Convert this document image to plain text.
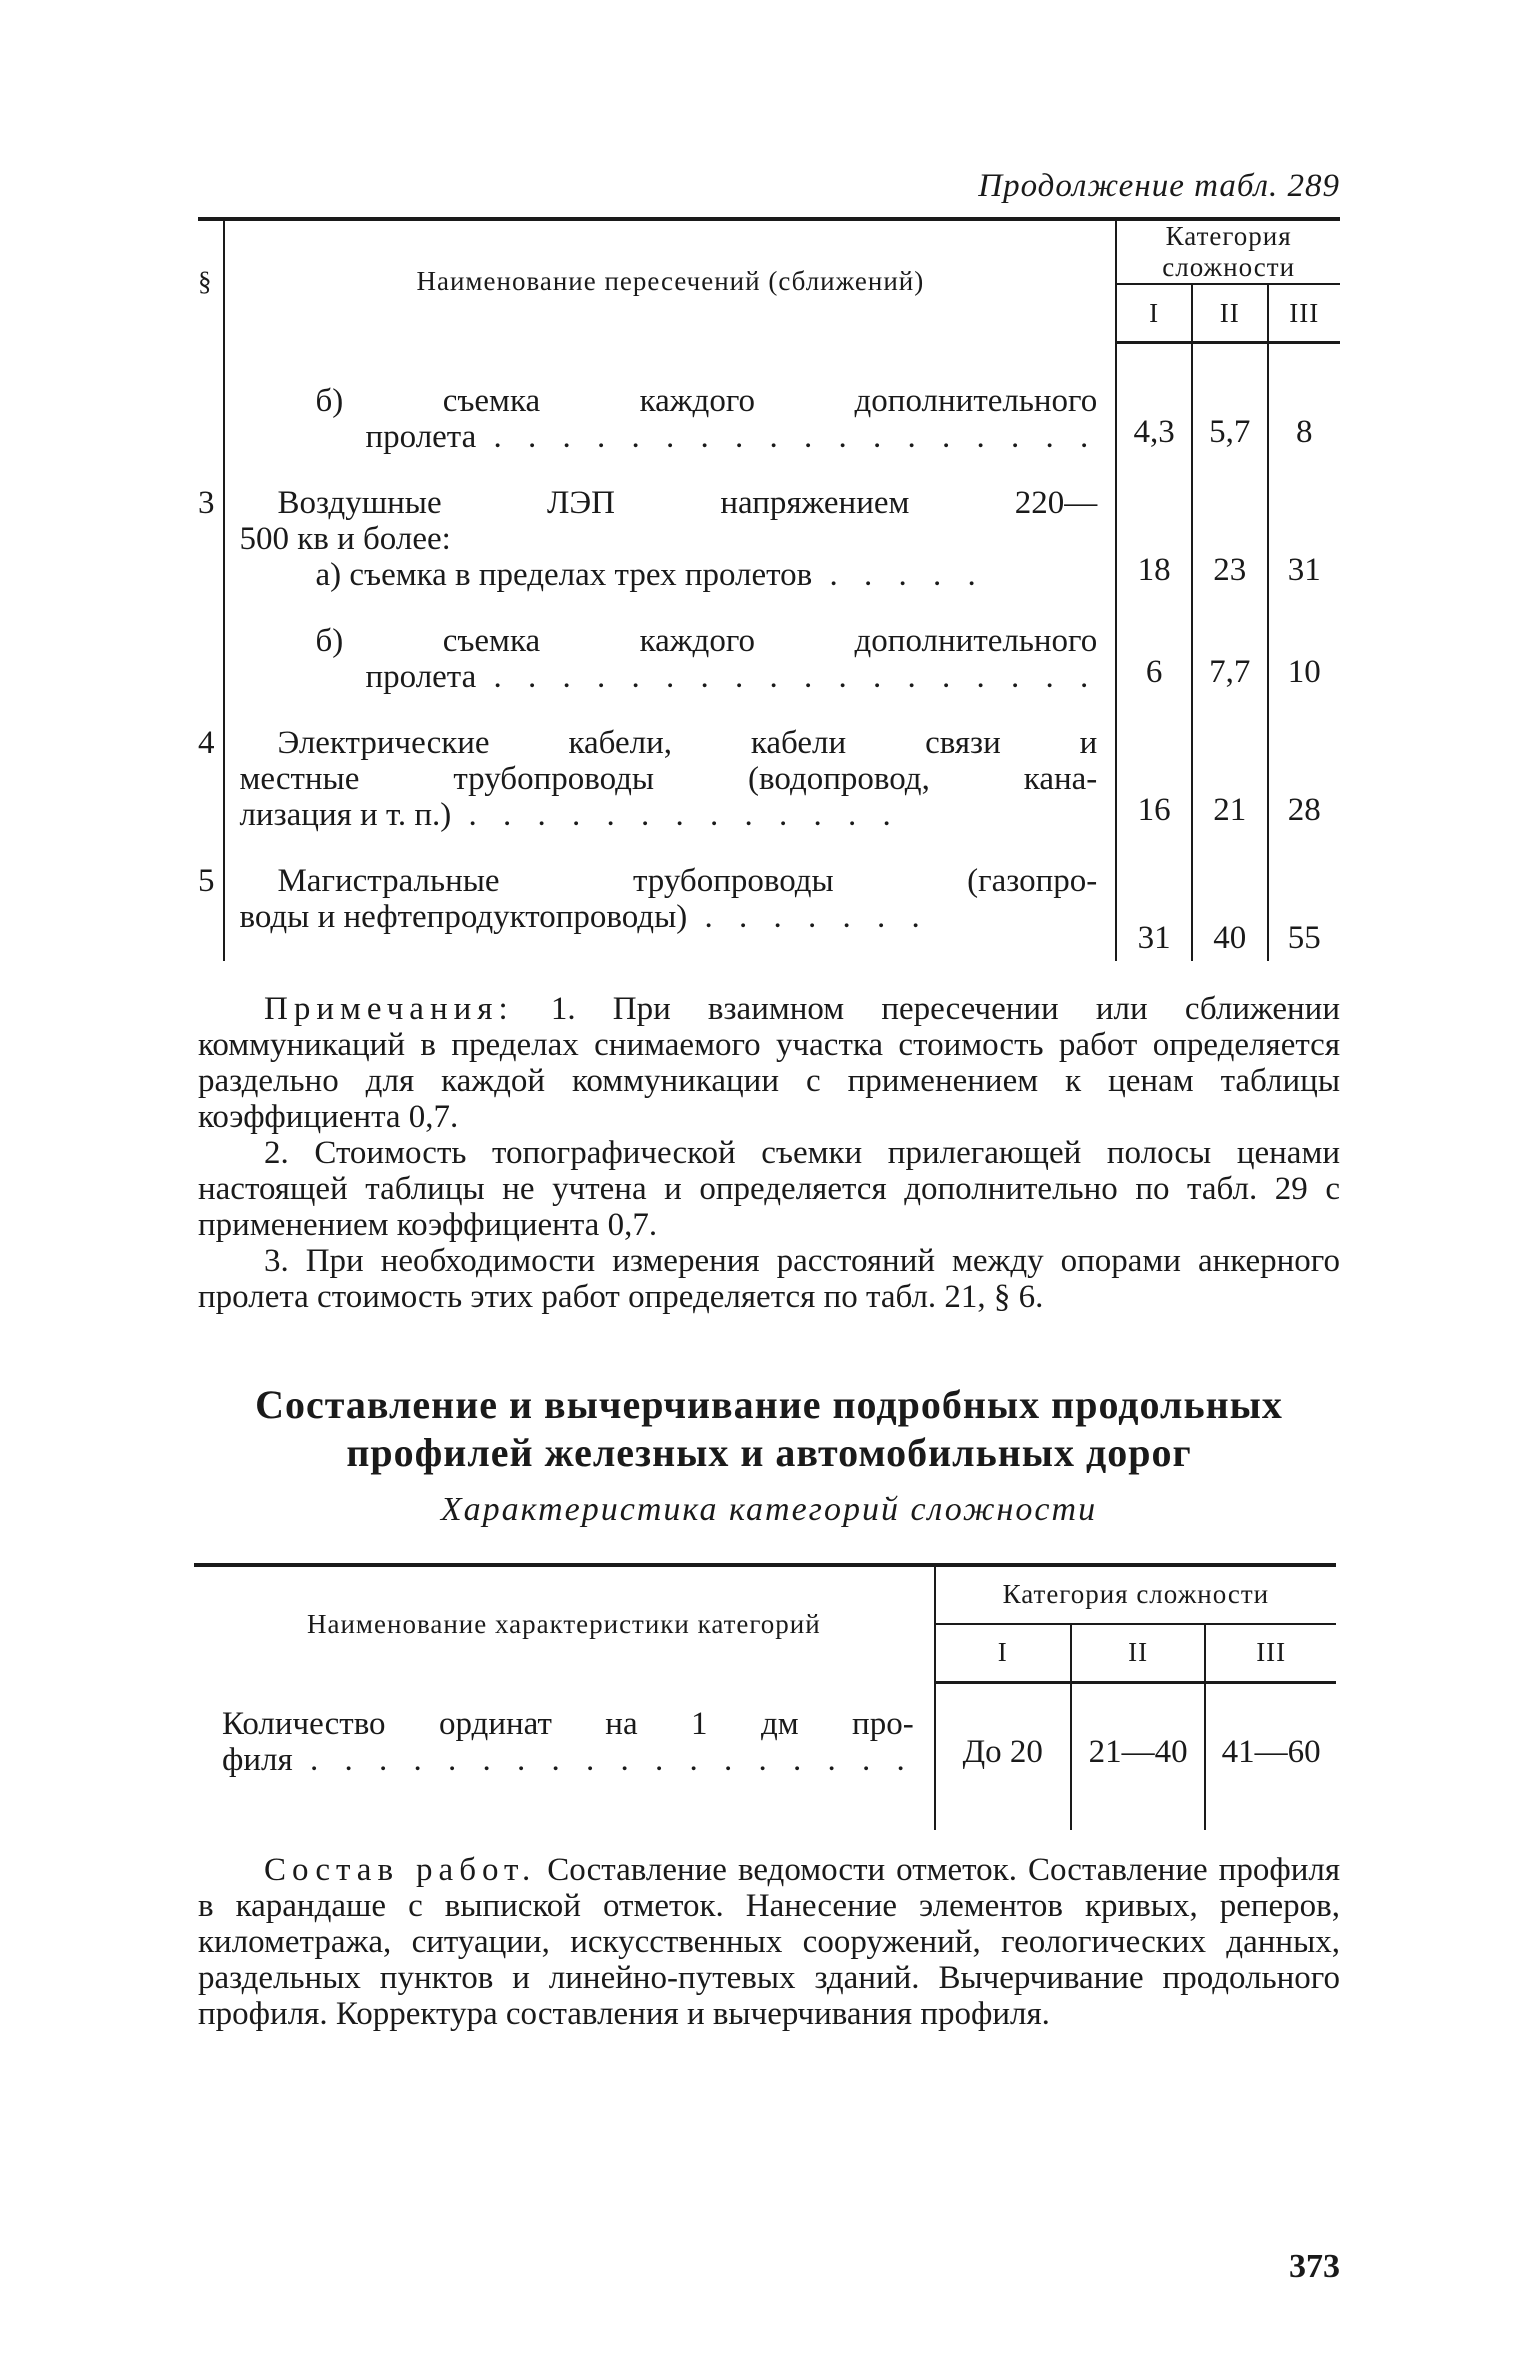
Продолжение табл. 289
§	Наименование пересечений (сближений)	Категория сложности		
		I	II	III

	б) съемка каждого дополнительного
пролета . . . . . . . . . . . . . . . . . .	4,3	5,7	8
3	Воздушные ЛЭП напряжением 220—
500 кв и более:
а) съемка в пределах трех пролетов . . . . .	18	23	31

	б) съемка каждого дополнительного
пролета . . . . . . . . . . . . . . . . . .	6	7,7	10
4	Электрические кабели, кабели связи и
местные трубопроводы (водопровод, кана-
лизация и т. п.) . . . . . . . . . . . . .	16	21	28
5	Магистральные трубопроводы (газопро-
воды и нефтепродуктопроводы) . . . . . . .	31	40	55

Примечания: 1. При взаимном пересечении или сближении коммуникаций в пределах снимаемого участка стоимость работ определяется раздельно для каждой коммуникации с применением к ценам таблицы коэффициента 0,7.

2. Стоимость топографической съемки прилегающей полосы ценами настоящей таблицы не учтена и определяется дополнительно по табл. 29 с применением коэффициента 0,7.

3. При необходимости измерения расстояний между опорами анкерного пролета стоимость этих работ определяется по табл. 21, § 6.

Составление и вычерчивание подробных продольных
профилей железных и автомобильных дорог
Характеристика категорий сложности
Наименование характеристики категорий	Категория сложности		
	I	II	III

Количество ординат на 1 дм про-
филя . . . . . . . . . . . . . . . . . .	До 20	21—40	41—60

Состав работ. Составление ведомости отметок. Составление профиля в карандаше с выпиской отметок. Нанесение элементов кривых, реперов, километража, ситуации, искусственных сооружений, геологических данных, раздельных пунктов и линейно-путевых зданий. Вычерчивание продольного профиля. Корректура составления и вычерчивания профиля.

373
